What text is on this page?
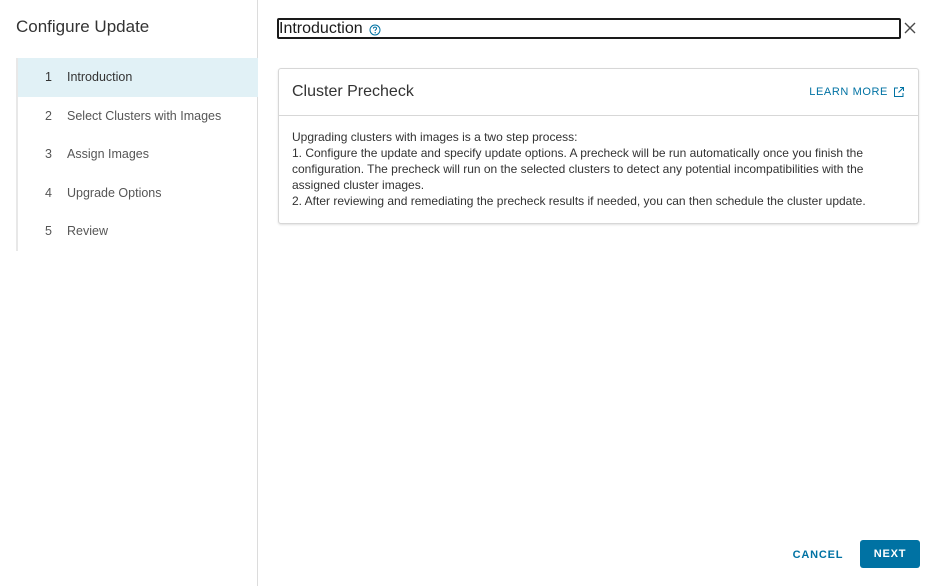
Configure Update
1	Introduction
2	Select Clusters with Images
3	Assign Images
4	Upgrade Options
5	Review
Introduction
Cluster Precheck	LEARN MORE

Upgrading clusters with images is a two step process:

1. Configure the update and specify update options. A precheck will be run automatically once you finish the configuration. The precheck will run on the selected clusters to detect any potential incompatibilities with the assigned cluster images.

2. After reviewing and remediating the precheck results if needed, you can then schedule the cluster update.

CANCEL	NEXT
